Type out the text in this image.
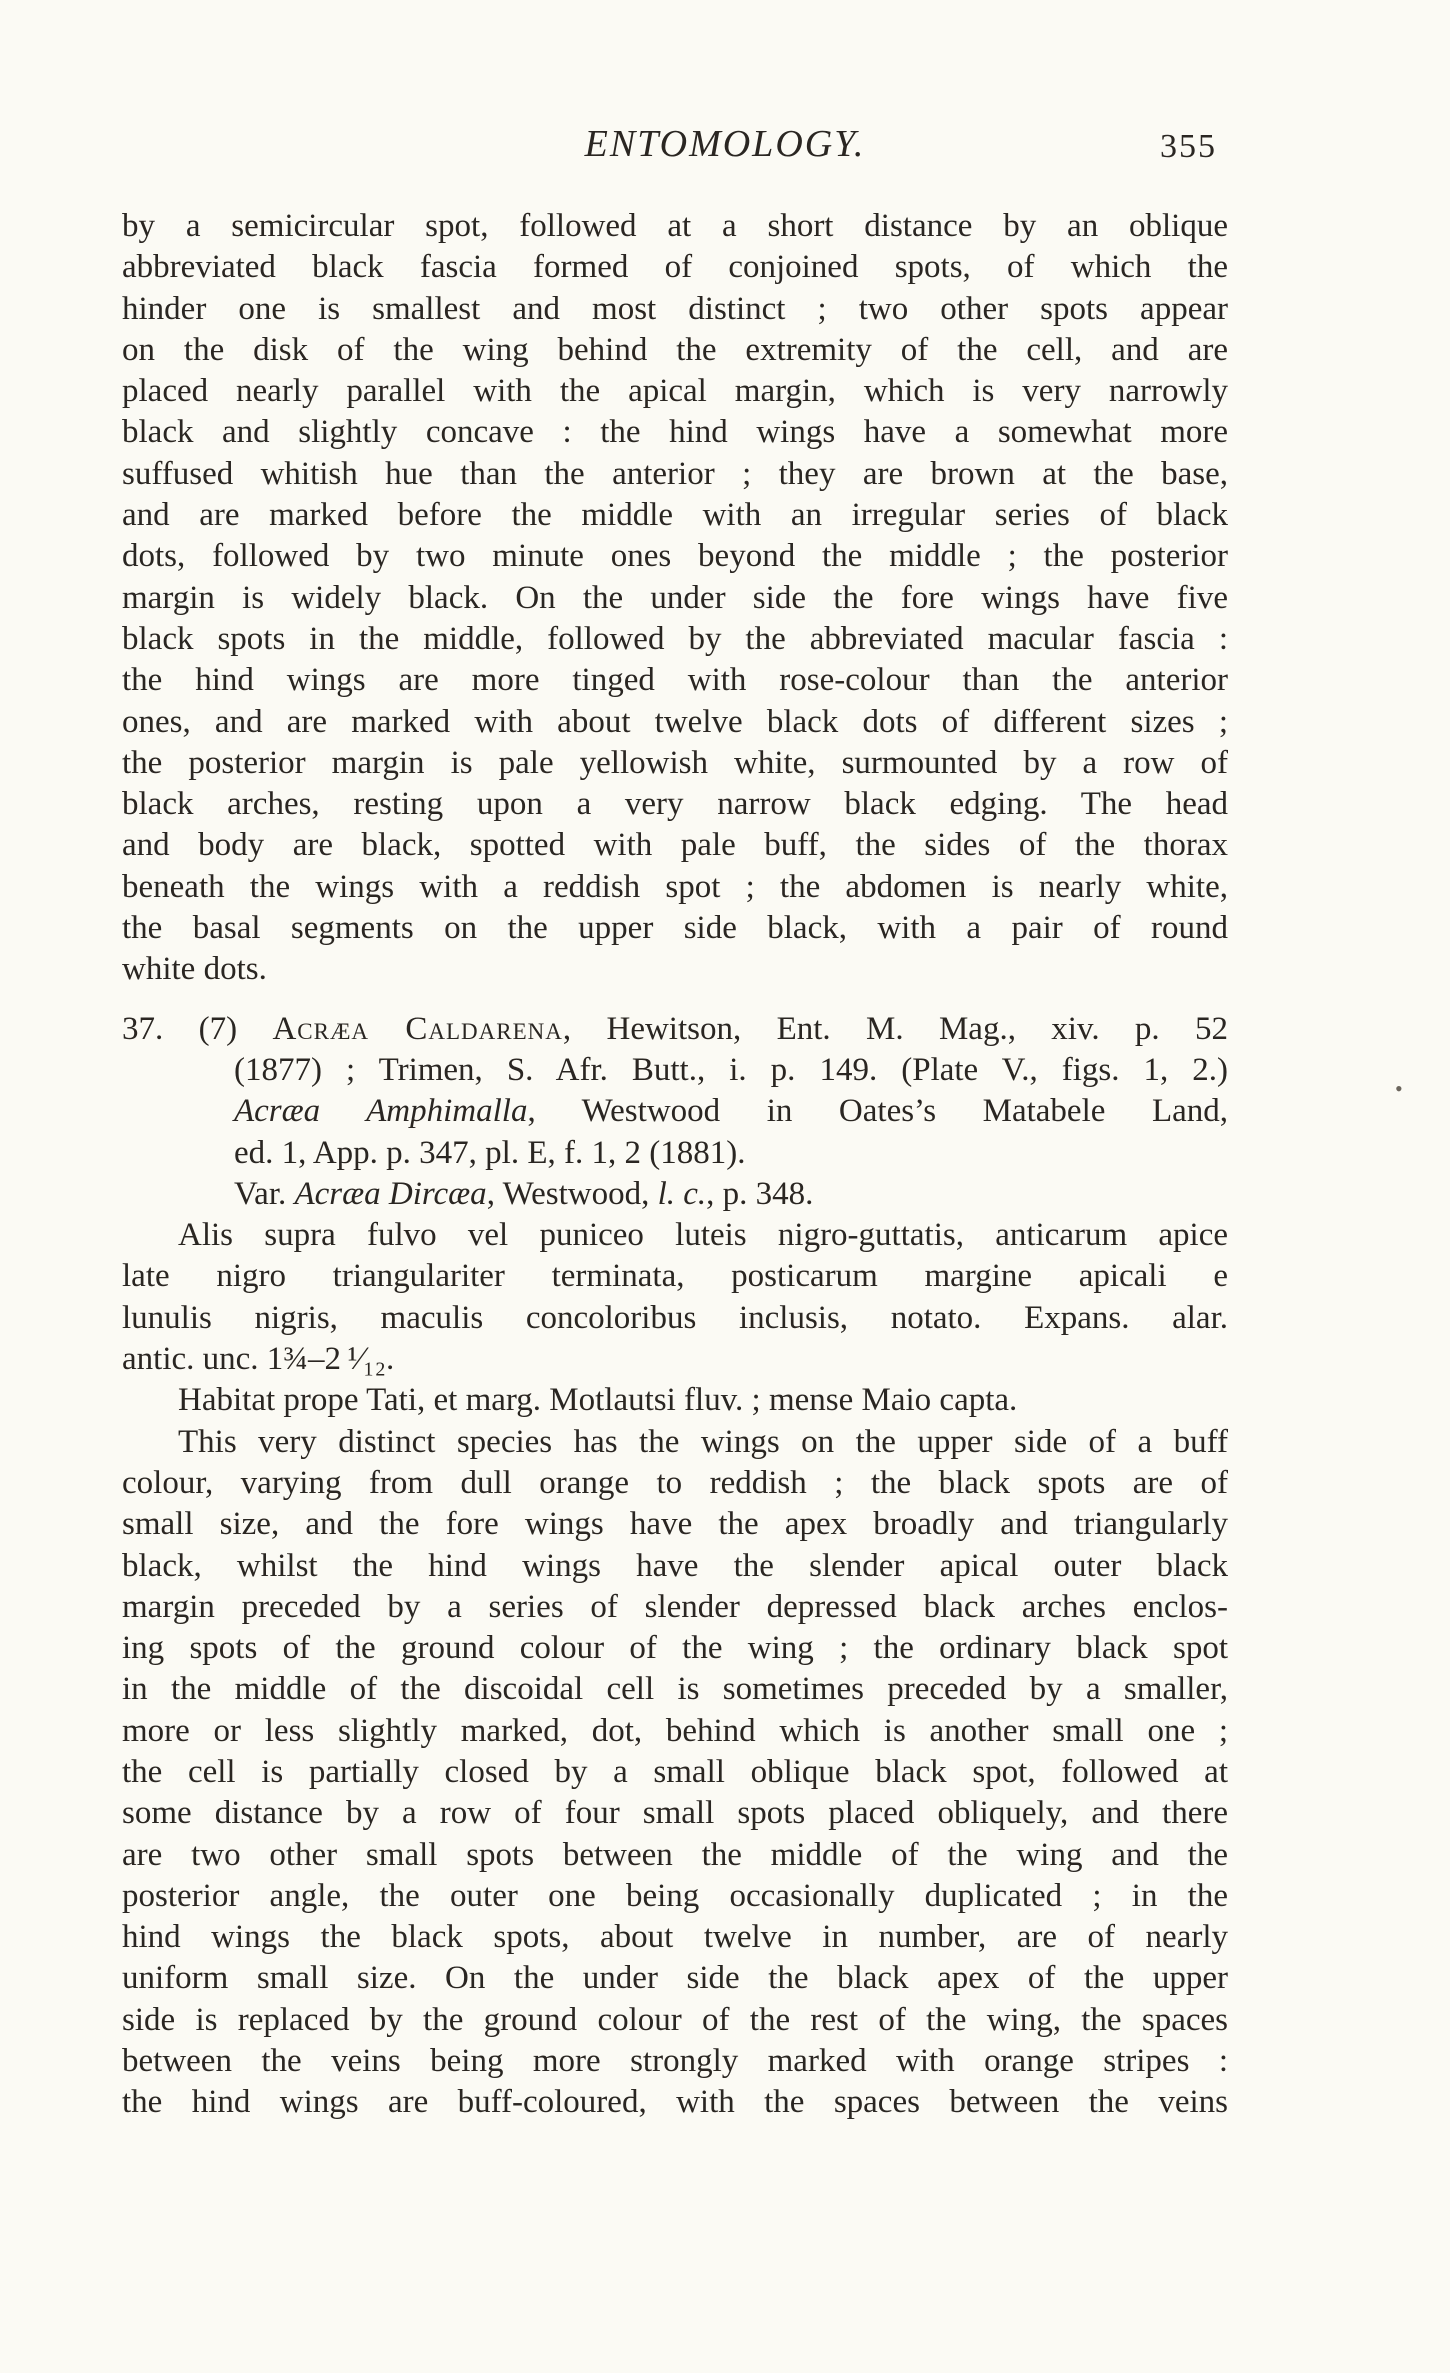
ENTOMOLOGY.	355
by a semicircular spot, followed at a short distance by an oblique
abbreviated black fascia formed of conjoined spots, of which the
hinder one is smallest and most distinct ; two other spots appear
on the disk of the wing behind the extremity of the cell, and are
placed nearly parallel with the apical margin, which is very narrowly
black and slightly concave : the hind wings have a somewhat more
suffused whitish hue than the anterior ; they are brown at the base,
and are marked before the middle with an irregular series of black
dots, followed by two minute ones beyond the middle ; the posterior
margin is widely black. On the under side the fore wings have five
black spots in the middle, followed by the abbreviated macular fascia :
the hind wings are more tinged with rose-colour than the anterior
ones, and are marked with about twelve black dots of different sizes ;
the posterior margin is pale yellowish white, surmounted by a row of
black arches, resting upon a very narrow black edging. The head
and body are black, spotted with pale buff, the sides of the thorax
beneath the wings with a reddish spot ; the abdomen is nearly white,
the basal segments on the upper side black, with a pair of round
white dots.
37. (7) Acræa Caldarena, Hewitson, Ent. M. Mag., xiv. p. 52
(1877) ; Trimen, S. Afr. Butt., i. p. 149. (Plate V., figs. 1, 2.)
Acræa Amphimalla, Westwood in Oates’s Matabele Land,
ed. 1, App. p. 347, pl. E, f. 1, 2 (1881).
Var. Acræa Dircæa, Westwood, l. c., p. 348.
Alis supra fulvo vel puniceo luteis nigro-guttatis, anticarum apice
late nigro triangulariter terminata, posticarum margine apicali e
lunulis nigris, maculis concoloribus inclusis, notato. Expans. alar.
antic. unc. 1¾–2 ¹⁄₁₂.
Habitat prope Tati, et marg. Motlautsi fluv. ; mense Maio capta.
This very distinct species has the wings on the upper side of a buff
colour, varying from dull orange to reddish ; the black spots are of
small size, and the fore wings have the apex broadly and triangularly
black, whilst the hind wings have the slender apical outer black
margin preceded by a series of slender depressed black arches enclos-
ing spots of the ground colour of the wing ; the ordinary black spot
in the middle of the discoidal cell is sometimes preceded by a smaller,
more or less slightly marked, dot, behind which is another small one ;
the cell is partially closed by a small oblique black spot, followed at
some distance by a row of four small spots placed obliquely, and there
are two other small spots between the middle of the wing and the
posterior angle, the outer one being occasionally duplicated ; in the
hind wings the black spots, about twelve in number, are of nearly
uniform small size. On the under side the black apex of the upper
side is replaced by the ground colour of the rest of the wing, the spaces
between the veins being more strongly marked with orange stripes :
the hind wings are buff-coloured, with the spaces between the veins
•
